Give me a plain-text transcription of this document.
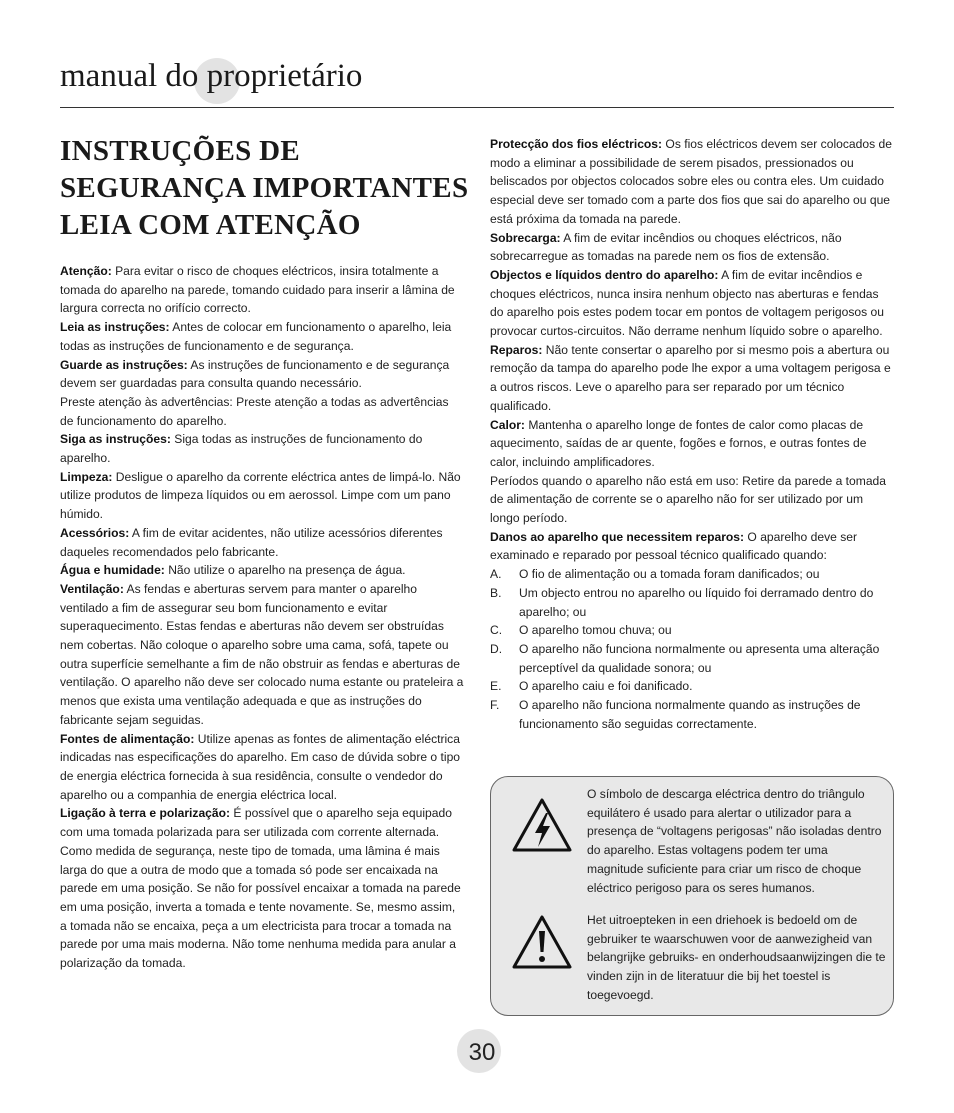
manual do proprietário
INSTRUÇÕES DE
SEGURANÇA IMPORTANTES
LEIA COM ATENÇÃO

Atenção: Para evitar o risco de choques eléctricos, insira totalmente a tomada do aparelho na parede, tomando cuidado para inserir a lâmina de largura correcta no orifício correcto.

Leia as instruções: Antes de colocar em funcionamento o aparelho, leia todas as instruções de funcionamento e de segurança.

Guarde as instruções: As instruções de funcionamento e de segurança devem ser guardadas para consulta quando necessário.

Preste atenção às advertências: Preste atenção a todas as advertências de funcionamento do aparelho.

Siga as instruções: Siga todas as instruções de funcionamento do aparelho.

Limpeza: Desligue o aparelho da corrente eléctrica antes de limpá-lo. Não utilize produtos de limpeza líquidos ou em aerossol. Limpe com um pano húmido.

Acessórios: A fim de evitar acidentes, não utilize acessórios diferentes daqueles recomendados pelo fabricante.

Água e humidade: Não utilize o aparelho na presença de água.

Ventilação: As fendas e aberturas servem para manter o aparelho ventilado a fim de assegurar seu bom funcionamento e evitar superaquecimento. Estas fendas e aberturas não devem ser obstruídas nem cobertas. Não coloque o aparelho sobre uma cama, sofá, tapete ou outra superfície semelhante a fim de não obstruir as fendas e aberturas de ventilação. O aparelho não deve ser colocado numa estante ou prateleira a menos que exista uma ventilação adequada e que as instruções do fabricante sejam seguidas.

Fontes de alimentação: Utilize apenas as fontes de alimentação eléctrica indicadas nas especificações do aparelho. Em caso de dúvida sobre o tipo de energia eléctrica fornecida à sua residência, consulte o vendedor do aparelho ou a companhia de energia eléctrica local.

Ligação à terra e polarização: É possível que o aparelho seja equipado com uma tomada polarizada para ser utilizada com corrente alternada. Como medida de segurança, neste tipo de tomada, uma lâmina é mais larga do que a outra de modo que a tomada só pode ser encaixada na parede em uma posição. Se não for possível encaixar a tomada na parede em uma posição, inverta a tomada e tente novamente. Se, mesmo assim, a tomada não se encaixa, peça a um electricista para trocar a tomada na parede por uma mais moderna. Não tome nenhuma medida para anular a polarização da tomada.

Protecção dos fios eléctricos: Os fios eléctricos devem ser colocados de modo a eliminar a possibilidade de serem pisados, pressionados ou beliscados por objectos colocados sobre eles ou contra eles. Um cuidado especial deve ser tomado com a parte dos fios que sai do aparelho ou que está próxima da tomada na parede.

Sobrecarga: A fim de evitar incêndios ou choques eléctricos, não sobrecarregue as tomadas na parede nem os fios de extensão.

Objectos e líquidos dentro do aparelho: A fim de evitar incêndios e choques eléctricos, nunca insira nenhum objecto nas aberturas e fendas do aparelho pois estes podem tocar em pontos de voltagem perigosos ou provocar curtos-circuitos. Não derrame nenhum líquido sobre o aparelho.

Reparos: Não tente consertar o aparelho por si mesmo pois a abertura ou remoção da tampa do aparelho pode lhe expor a uma voltagem perigosa e a outros riscos. Leve o aparelho para ser reparado por um técnico qualificado.

Calor: Mantenha o aparelho longe de fontes de calor como placas de aquecimento, saídas de ar quente, fogões e fornos, e outras fontes de calor, incluindo amplificadores.

Períodos quando o aparelho não está em uso: Retire da parede a tomada de alimentação de corrente se o aparelho não for ser utilizado por um longo período.

Danos ao aparelho que necessitem reparos: O aparelho deve ser examinado e reparado por pessoal técnico qualificado quando:

A. O fio de alimentação ou a tomada foram danificados; ou
B. Um objecto entrou no aparelho ou líquido foi derramado dentro do aparelho; ou
C. O aparelho tomou chuva; ou
D. O aparelho não funciona normalmente ou apresenta uma alteração perceptível da qualidade sonora; ou
E. O aparelho caiu e foi danificado.
F. O aparelho não funciona normalmente quando as instruções de funcionamento são seguidas correctamente.

O símbolo de descarga eléctrica dentro do triângulo equilátero é usado para alertar o utilizador para a presença de “voltagens perigosas” não isoladas dentro do aparelho. Estas voltagens podem ter uma magnitude suficiente para criar um risco de choque eléctrico perigoso para os seres humanos.

Het uitroepteken in een driehoek is bedoeld om de gebruiker te waarschuwen voor de aanwezigheid van belangrijke gebruiks- en onderhoudsaanwijzingen die te vinden zijn in de literatuur die bij het toestel is toegevoegd.

30
